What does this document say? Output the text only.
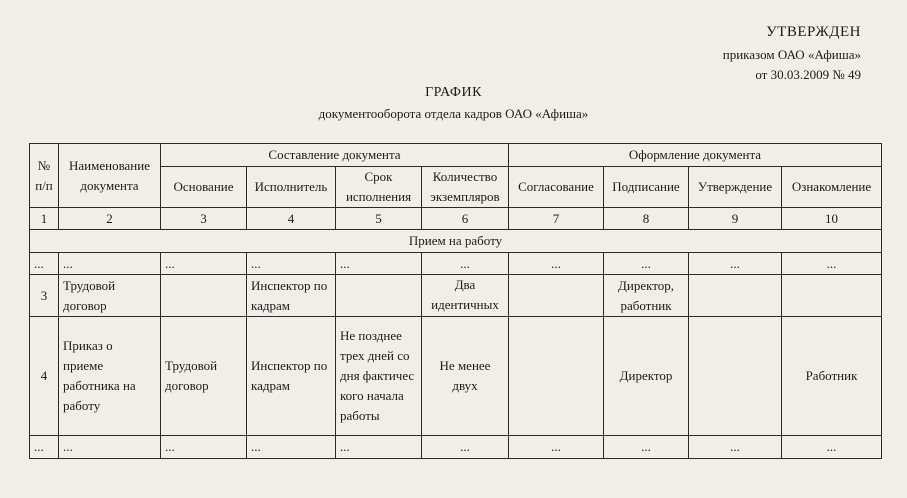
УТВЕРЖДЕН
приказом ОАО «Афиша»
от 30.03.2009 № 49
ГРАФИК
документооборота отдела кадров ОАО «Афиша»
№ п/п	Наименование документа	Составление документа				Оформление документа			
		Основание	Исполнитель	Срок исполнения	Количество экземпляров	Согласование	Подписание	Утверждение	Ознакомление
1	2	3	4	5	6	7	8	9	10
Прием на работу									
...	...	...	...	...	...	...	...	...	...
3	Трудовой договор		Инспектор по кадрам		Два идентичных		Директор, работник		
4	Приказ о приеме работника на работу	Трудовой договор	Инспектор по кадрам	Не позднее трех дней со дня фактичес кого начала работы	Не менее двух		Директор		Работник
...	...	...	...	...	...	...	...	...	...
